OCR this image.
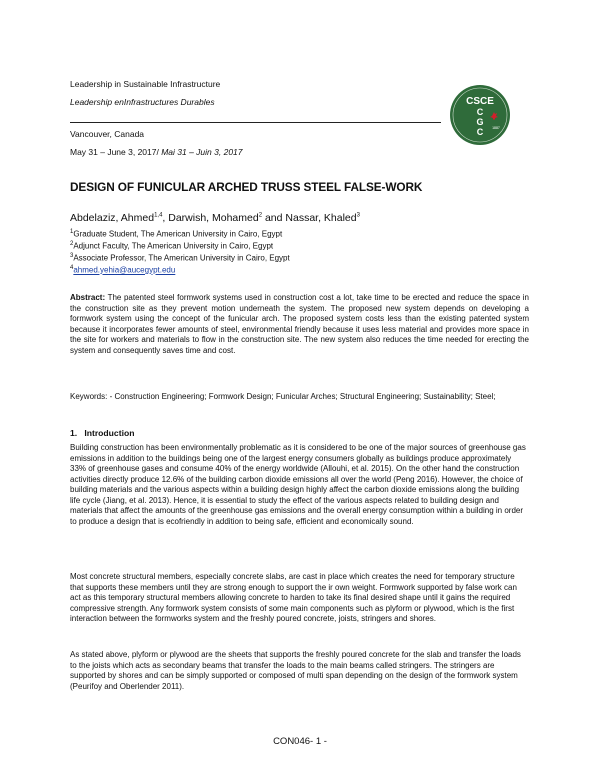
Leadership in Sustainable Infrastructure
Leadership enInfrastructures Durables
Vancouver, Canada
May 31 – June 3, 2017/ Mai 31 – Juin 3, 2017
CSCE
C
G
C	1887
DESIGN OF FUNICULAR ARCHED TRUSS STEEL FALSE-WORK
Abdelaziz, Ahmed$^{1,4}$, Darwish, Mohamed$^2$ and Nassar, Khaled$^3$
$^1$Graduate Student, The American University in Cairo, Egypt
$^2$Adjunct Faculty, The American University in Cairo, Egypt
$^3$Associate Professor, The American University in Cairo, Egypt
$^4$ahmed.yehia@aucegypt.edu
Abstract: The patented steel formwork systems used in construction cost a lot, take time to be erected and reduce the space in the construction site as they prevent motion underneath the system. The proposed new system depends on developing a formwork system using the concept of the funicular arch. The proposed system costs less than the existing patented system because it incorporates fewer amounts of steel, environmental friendly because it uses less material and provides more space in the site for workers and materials to flow in the construction site. The new system also reduces the time needed for erecting the system and consequently saves time and cost.
Keywords: - Construction Engineering; Formwork Design; Funicular Arches; Structural Engineering; Sustainability; Steel;
1.   Introduction
Building construction has been environmentally problematic as it is considered to be one of the major sources of greenhouse gas emissions in addition to the buildings being one of the largest energy consumers globally as buildings produce approximately 33% of greenhouse gases and consume 40% of the energy worldwide (Allouhi, et al. 2015). On the other hand the construction activities directly produce 12.6% of the building carbon dioxide emissions all over the world (Peng 2016). However, the choice of building materials and the various aspects within a building design highly affect the carbon dioxide emissions along the building life cycle (Jiang, et al. 2013). Hence, it is essential to study the effect of the various aspects related to building design and materials that affect the amounts of the greenhouse gas emissions and the overall energy consumption within a building in order to produce a design that is ecofriendly in addition to being safe, efficient and economically sound.
Most concrete structural members, especially concrete slabs, are cast in place which creates the need for temporary structure that supports these members until they are strong enough to support the ir own weight. Formwork supported by false work can act as this temporary structural members allowing concrete to harden to take its final desired shape until it gains the required compressive strength. Any formwork system consists of some main components such as plyform or plywood, which is the first interaction between the formworks system and the freshly poured concrete, joists, stringers and shores.
As stated above, plyform or plywood are the sheets that supports the freshly poured concrete for the slab and transfer the loads to the joists which acts as secondary beams that transfer the loads to the main beams called stringers. The stringers are supported by shores and can be simply supported or composed of multi span depending on the design of the formwork system (Peurifoy and Oberlender 2011).
CON046- 1 -
